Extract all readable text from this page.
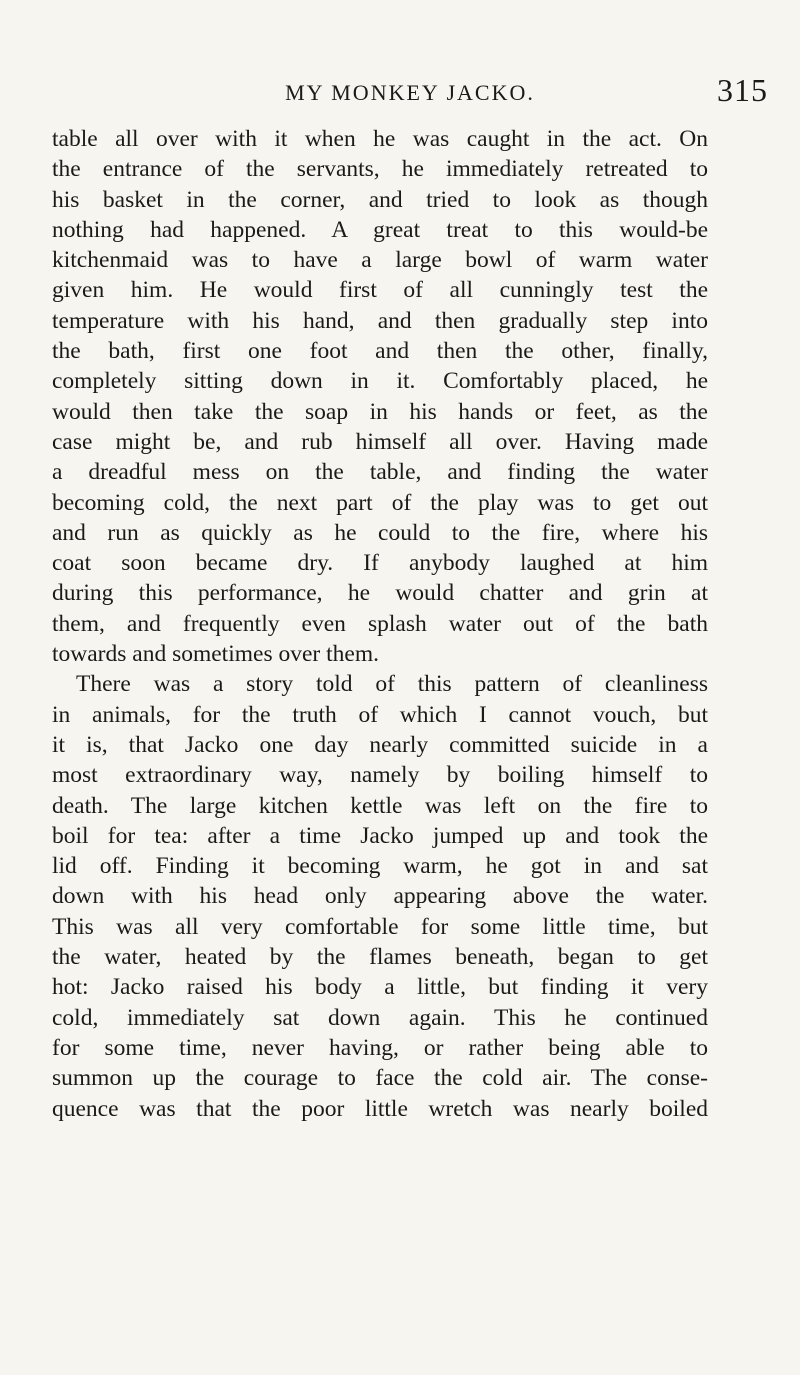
MY MONKEY JACKO.	315
table all over with it when he was caught in the act. On
the entrance of the servants, he immediately retreated to
his basket in the corner, and tried to look as though
nothing had happened. A great treat to this would-be
kitchenmaid was to have a large bowl of warm water
given him. He would first of all cunningly test the
temperature with his hand, and then gradually step into
the bath, first one foot and then the other, finally,
completely sitting down in it. Comfortably placed, he
would then take the soap in his hands or feet, as the
case might be, and rub himself all over. Having made
a dreadful mess on the table, and finding the water
becoming cold, the next part of the play was to get out
and run as quickly as he could to the fire, where his
coat soon became dry. If anybody laughed at him
during this performance, he would chatter and grin at
them, and frequently even splash water out of the bath
towards and sometimes over them.
There was a story told of this pattern of cleanliness
in animals, for the truth of which I cannot vouch, but
it is, that Jacko one day nearly committed suicide in a
most extraordinary way, namely by boiling himself to
death. The large kitchen kettle was left on the fire to
boil for tea: after a time Jacko jumped up and took the
lid off. Finding it becoming warm, he got in and sat
down with his head only appearing above the water.
This was all very comfortable for some little time, but
the water, heated by the flames beneath, began to get
hot: Jacko raised his body a little, but finding it very
cold, immediately sat down again. This he continued
for some time, never having, or rather being able to
summon up the courage to face the cold air. The conse-
quence was that the poor little wretch was nearly boiled
